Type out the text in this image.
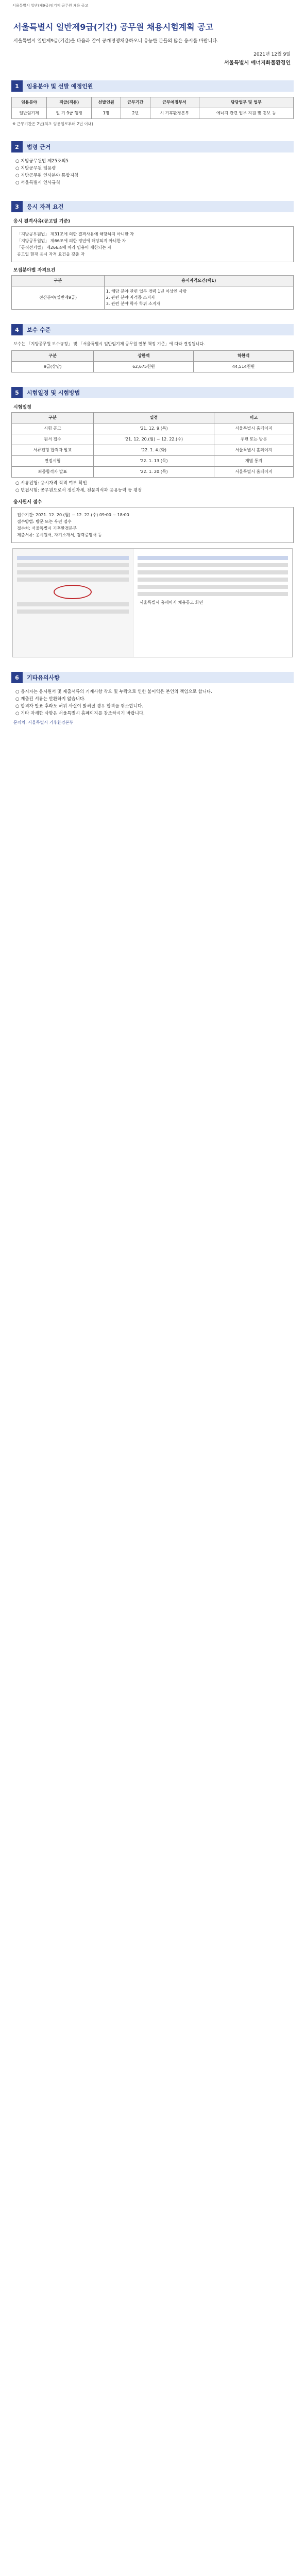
서울특별시 일반(제9급)임기제 공무원 채용 공고
서울특별시 일반제9급(기간) 공무원 채용시험계획 공고
서울특별시 일반제9급(기간)을 다음과 같이 공개경쟁채용하오니 유능한 분들의 많은 응시를 바랍니다.
2021년 12월 9일
서울특별시 에너지화물환경인
1	임용분야 및 선발 예정인원
임용분야	직급(직류)	선발인원	근무기간	근무예정부서	담당업무 및 업무
일반임기제	일 기 9급 행정	1명	2년	시 기후환경본부	에너지 관련 업무 지원 및 홍보 등
※ 근무기간은 2년(최초 임용일로부터 2년 이내)
2	법령 근거
○ 지방공무원법 제25조의5
○ 지방공무원 임용령
○ 지방공무원 인사분야 통합지침
○ 서울특별시 인사규칙
3	응시 자격 요건
응시 결격사유(공고일 기준)

「지방공무원법」 제31조에 의한 결격사유에 해당하지 아니한 자

「지방공무원법」 제66조에 의한 정년에 해당되지 아니한 자

「공직선거법」 제266조에 따라 임용이 제한되는 자

공고일 현재 응시 자격 요건을 갖춘 자

모집분야별 자격요건
구분	응시자격요건(택1)
전산분야(일반제9급)	1. 해당 분야 관련 업무 경력 1년 이상인 사람
2. 관련 분야 자격증 소지자
3. 관련 분야 학사 학위 소지자
4	보수 수준
보수는 「지방공무원 보수규정」 및 「서울특별시 일반임기제 공무원 연봉 책정 기준」에 따라 결정됩니다.
구분	상한액	하한액
9급(상당)	62,675천원	44,514천원
5	시험일정 및 시험방법
시험일정
구분	일정	비고
시험 공고	'21. 12. 9.(목)	서울특별시 홈페이지
원서 접수	'21. 12. 20.(월) ~ 12. 22.(수)	우편 또는 방문
서류전형 합격자 발표	'22. 1. 4.(화)	서울특별시 홈페이지
면접시험	'22. 1. 13.(목)	개별 통지
최종합격자 발표	'22. 1. 20.(목)	서울특별시 홈페이지
○ 서류전형: 응시자격 적격 여부 확인
○ 면접시험: 공무원으로서 정신자세, 전문지식과 응용능력 등 평정
응시원서 접수

접수기간: 2021. 12. 20.(월) ~ 12. 22.(수) 09:00 ~ 18:00

접수방법: 방문 또는 우편 접수

접수처: 서울특별시 기후환경본부

제출서류: 응시원서, 자기소개서, 경력증명서 등

서울특별시 홈페이지 채용공고 화면
6	기타유의사항
○ 응시자는 응시원서 및 제출서류의 기재사항 착오 및 누락으로 인한 불이익은 본인의 책임으로 합니다.
○ 제출된 서류는 반환하지 않습니다.
○ 합격자 발표 후라도 허위 사실이 밝혀질 경우 합격을 취소합니다.
○ 기타 자세한 사항은 서울특별시 홈페이지를 참조하시기 바랍니다.
문의처: 서울특별시 기후환경본부
